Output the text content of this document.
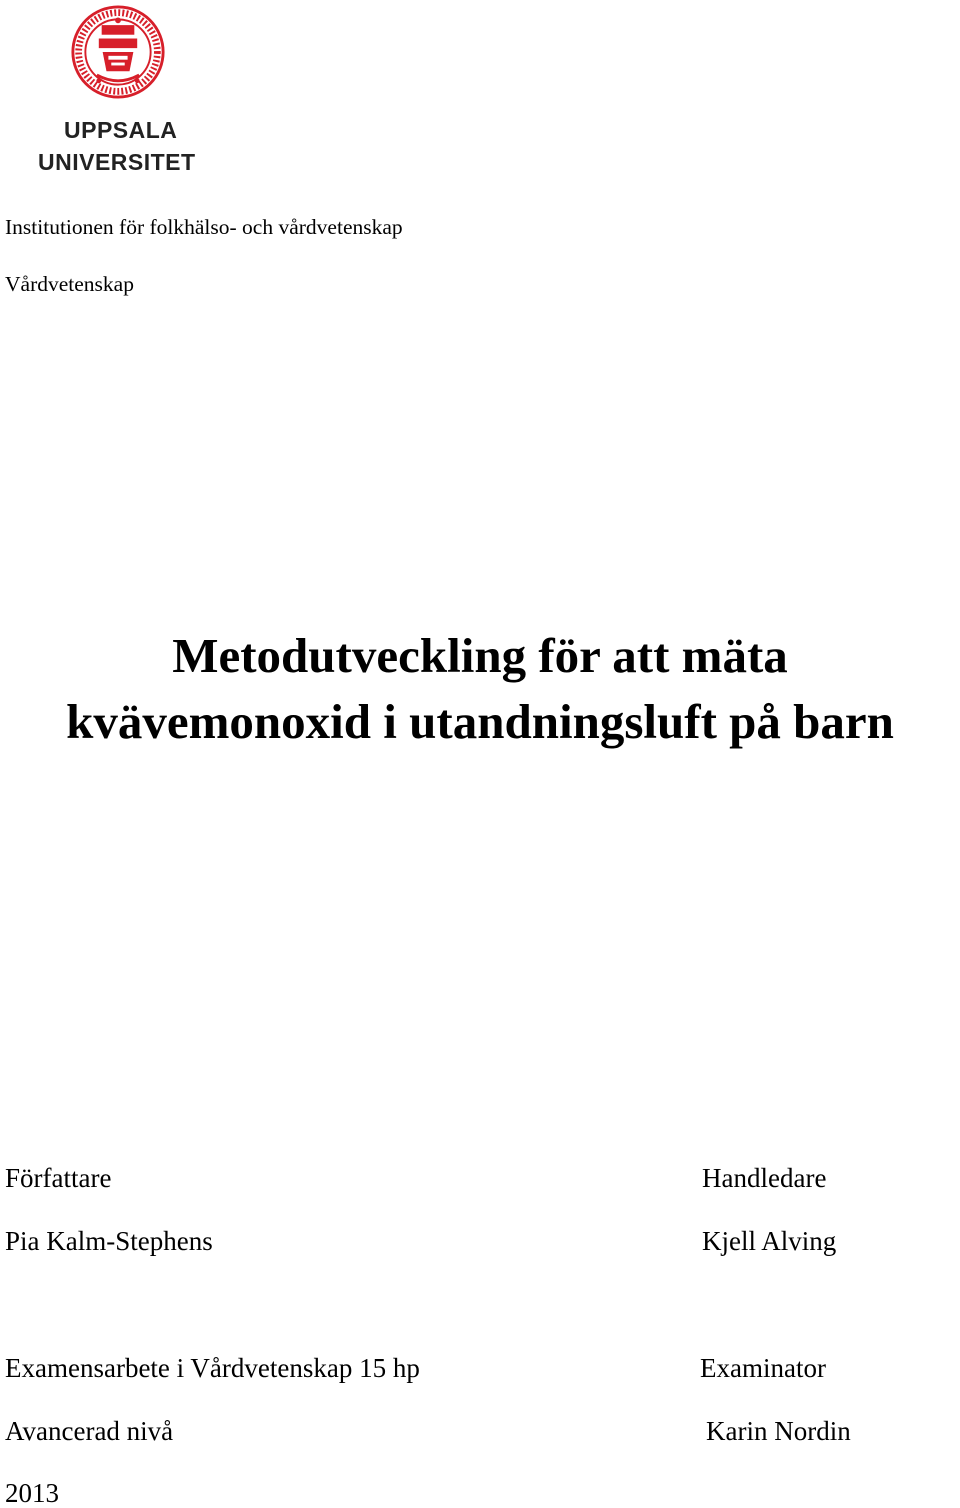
UPPSALA
UNIVERSITET
Institutionen för folkhälso- och vårdvetenskap
Vårdvetenskap
Metodutveckling för att mäta
kvävemonoxid i utandningsluft på barn
Författare
Pia Kalm-Stephens
Handledare
Kjell Alving
Examensarbete i Vårdvetenskap 15 hp
Avancerad nivå
2013
Examinator
Karin Nordin
